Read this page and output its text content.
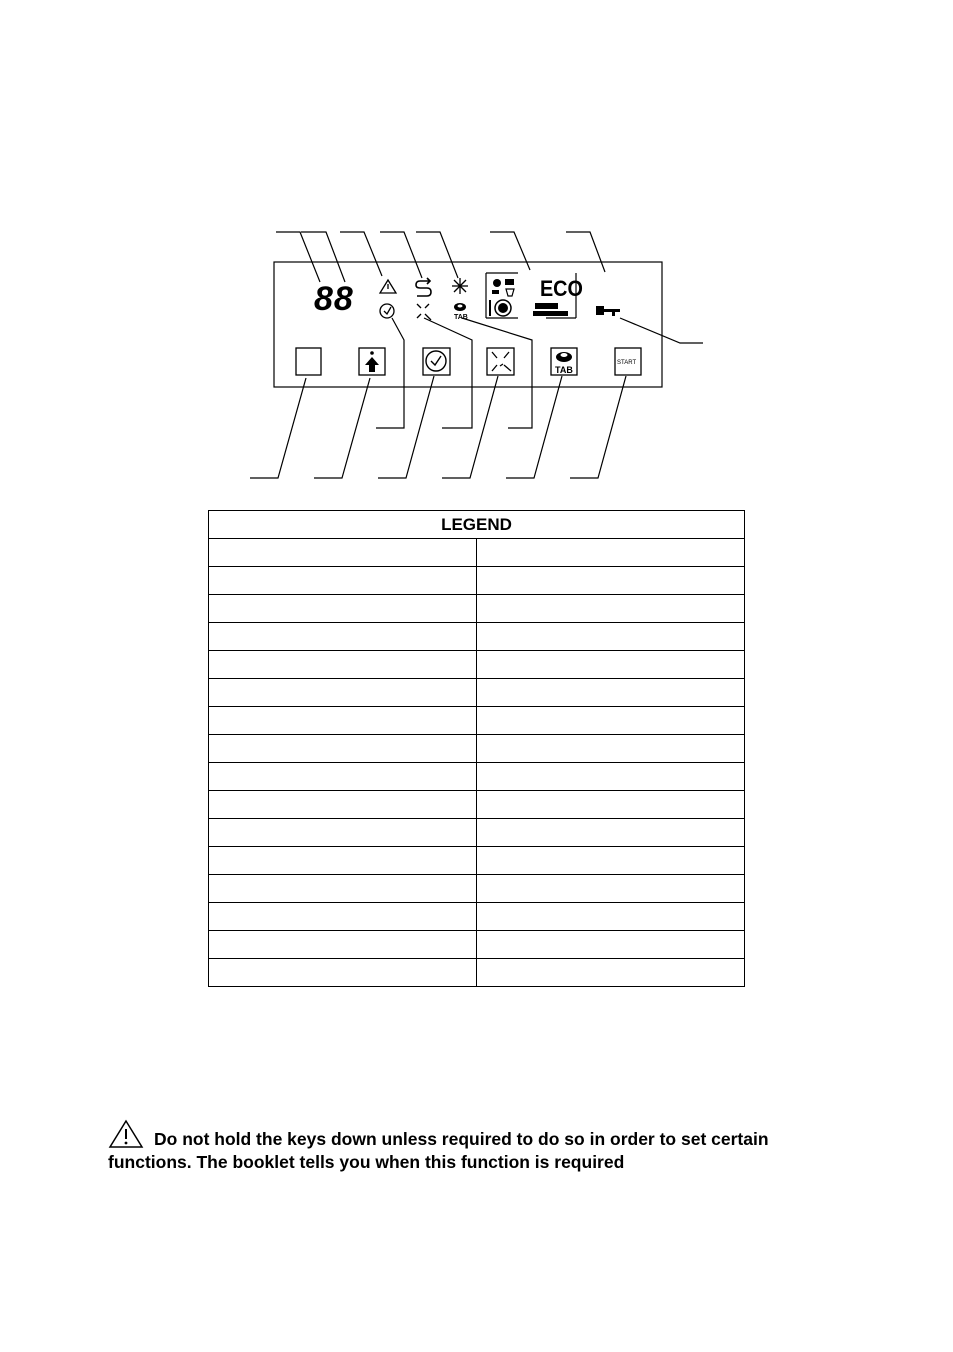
88	TAB
ECO
TAB
START
LEGEND	

Do not hold the keys down unless required to do so in order to set certain
functions. The booklet tells you when this function is required
